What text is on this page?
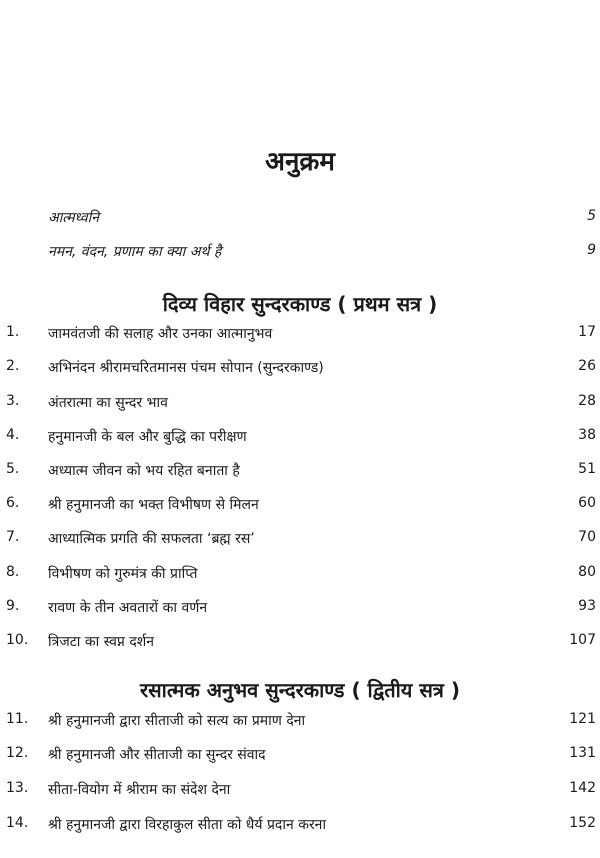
अनुक्रम
आत्मध्वनि	5
नमन, वंदन, प्रणाम का क्या अर्थ है	9
दिव्य विहार सुन्दरकाण्ड ( प्रथम सत्र )
1.	जामवंतजी की सलाह और उनका आत्मानुभव	17
2.	अभिनंदन श्रीरामचरितमानस पंचम सोपान (सुन्दरकाण्ड)	26
3.	अंतरात्मा का सुन्दर भाव	28
4.	हनुमानजी के बल और बुद्धि का परीक्षण	38
5.	अध्यात्म जीवन को भय रहित बनाता है	51
6.	श्री हनुमानजी का भक्त विभीषण से मिलन	60
7.	आध्यात्मिक प्रगति की सफलता ‘ब्रह्म रस’	70
8.	विभीषण को गुरुमंत्र की प्राप्ति	80
9.	रावण के तीन अवतारों का वर्णन	93
10.	त्रिजटा का स्वप्न दर्शन	107
रसात्मक अनुभव सुन्दरकाण्ड ( द्वितीय सत्र )
11.	श्री हनुमानजी द्वारा सीताजी को सत्य का प्रमाण देना	121
12.	श्री हनुमानजी और सीताजी का सुन्दर संवाद	131
13.	सीता-वियोग में श्रीराम का संदेश देना	142
14.	श्री हनुमानजी द्वारा विरहाकुल सीता को धैर्य प्रदान करना	152
